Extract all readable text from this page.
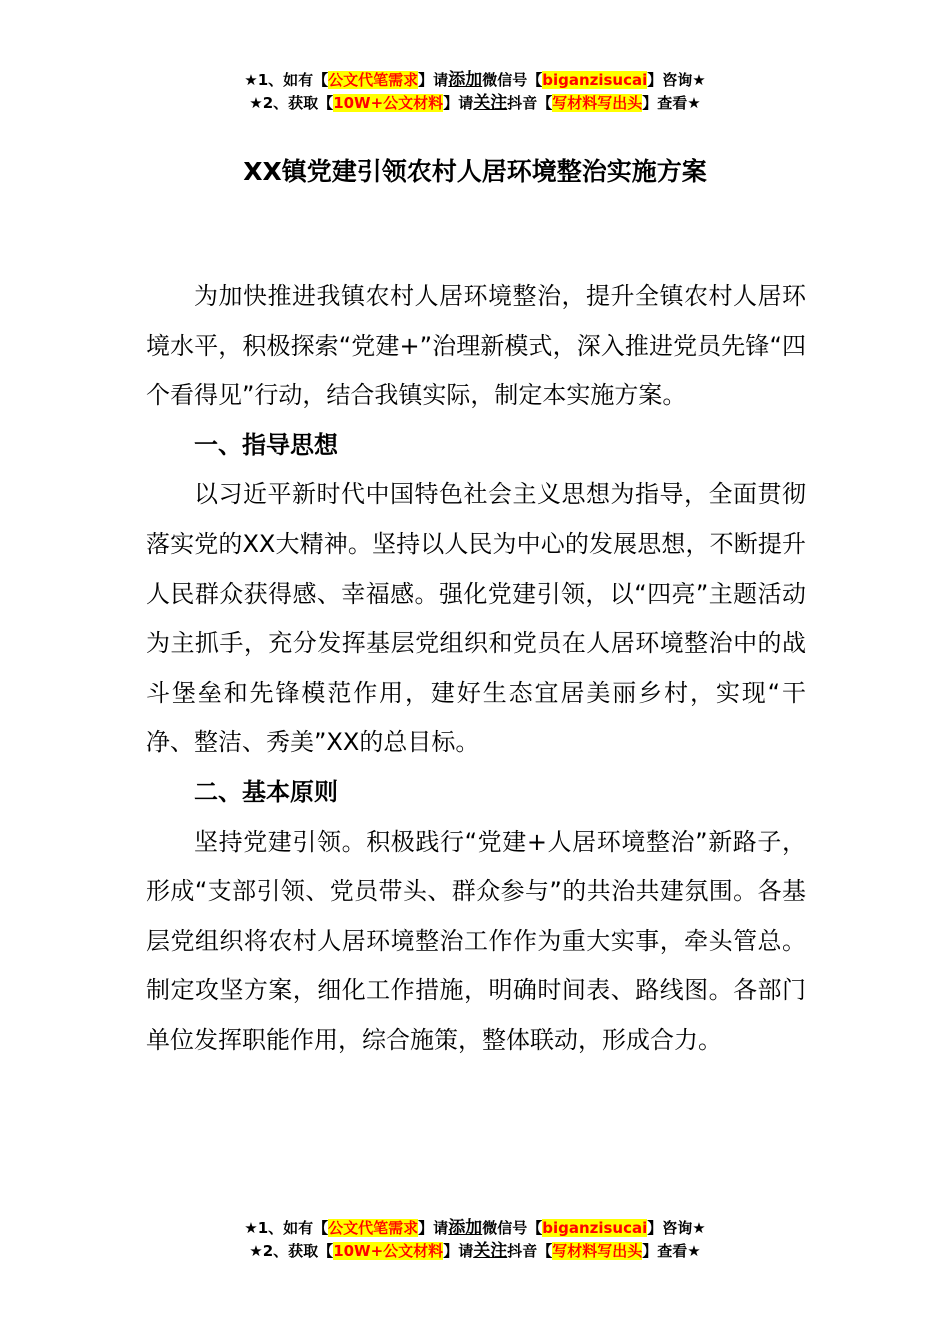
★1、如有【公文代笔需求】请添加微信号【biganzisucai】咨询★
★2、获取【10W+公文材料】请关注抖音【写材料写出头】查看★
XX镇党建引领农村人居环境整治实施方案

为加快推进我镇农村人居环境整治，提升全镇农村人居环境水平，积极探索“党建+”治理新模式，深入推进党员先锋“四个看得见”行动，结合我镇实际，制定本实施方案。

一、指导思想

以习近平新时代中国特色社会主义思想为指导，全面贯彻落实党的XX大精神。坚持以人民为中心的发展思想，不断提升人民群众获得感、幸福感。强化党建引领，以“四亮”主题活动为主抓手，充分发挥基层党组织和党员在人居环境整治中的战斗堡垒和先锋模范作用，建好生态宜居美丽乡村，实现“干净、整洁、秀美”XX的总目标。

二、基本原则

坚持党建引领。积极践行“党建+人居环境整治”新路子，形成“支部引领、党员带头、群众参与”的共治共建氛围。各基层党组织将农村人居环境整治工作作为重大实事，牵头管总。制定攻坚方案，细化工作措施，明确时间表、路线图。各部门单位发挥职能作用，综合施策，整体联动，形成合力。

★1、如有【公文代笔需求】请添加微信号【biganzisucai】咨询★
★2、获取【10W+公文材料】请关注抖音【写材料写出头】查看★
